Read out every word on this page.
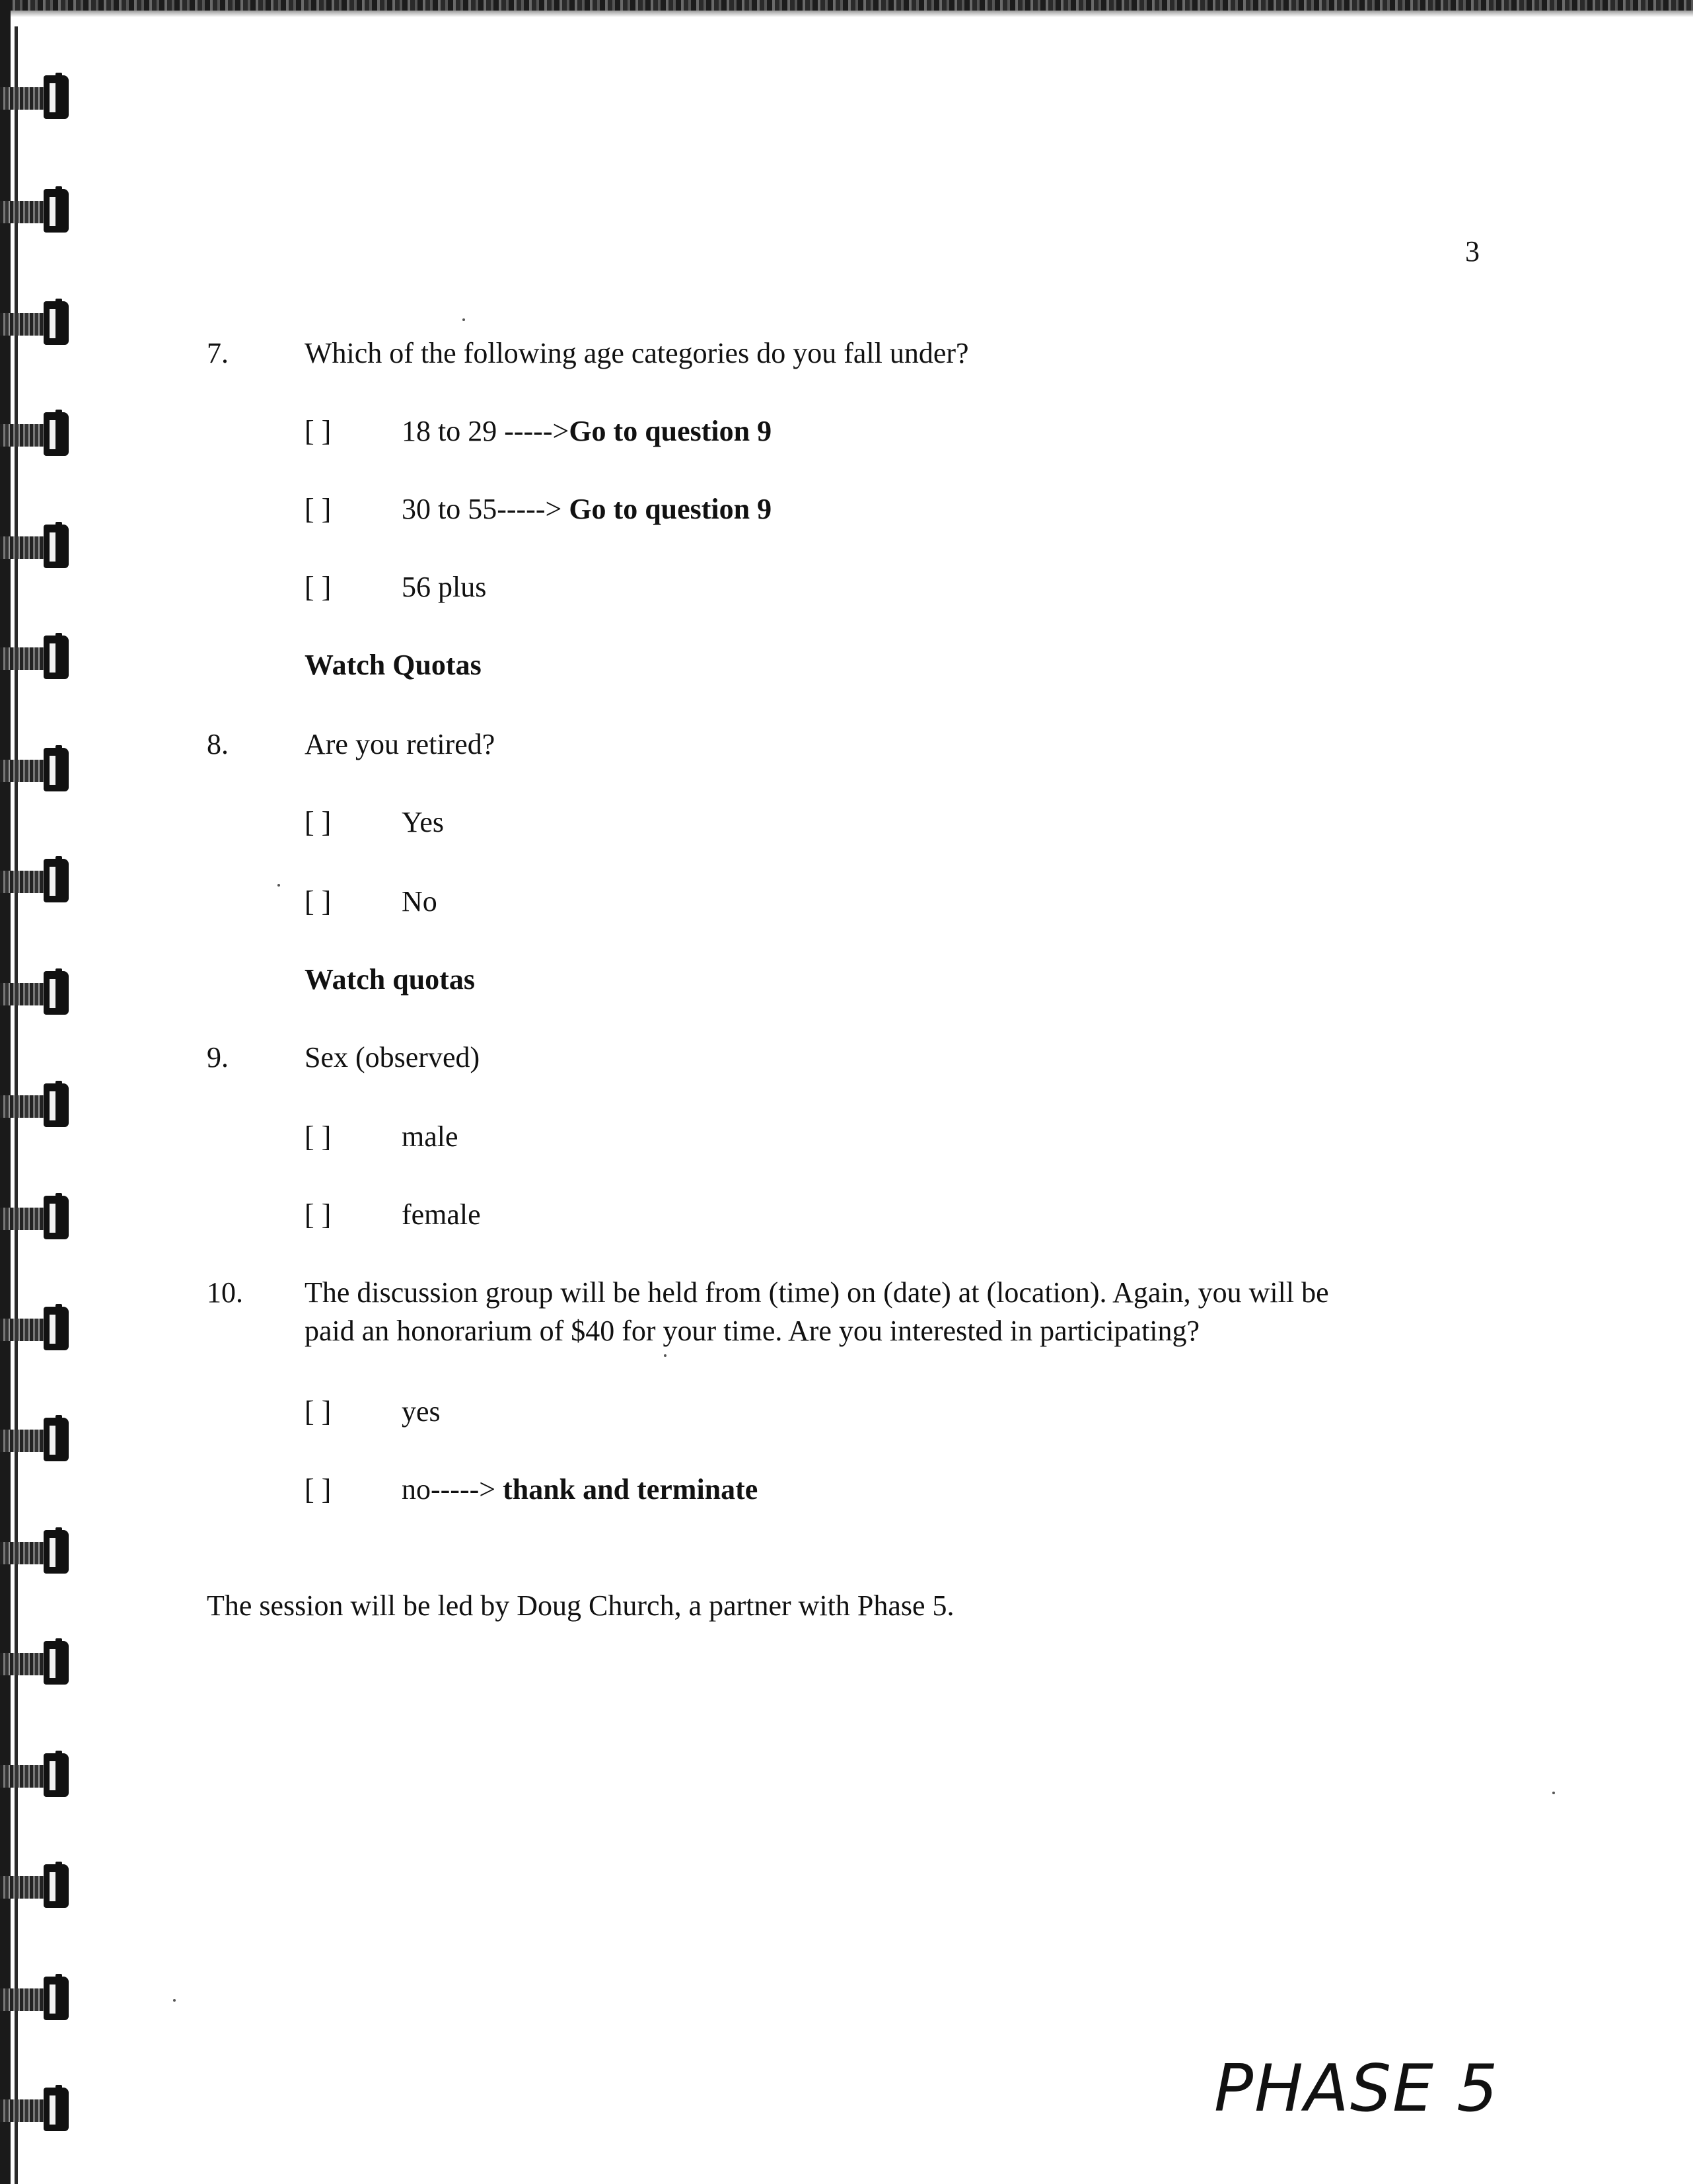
3
7.	Which of the following age categories do you fall under?
[ ] 18 to 29 ----->Go to question 9
[ ] 30 to 55-----> Go to question 9
[ ] 56 plus
Watch Quotas
8.	Are you retired?
[ ] Yes
[ ] No
Watch quotas
9.	Sex (observed)
[ ] male
[ ] female
10. The discussion group will be held from (time) on (date) at (location). Again, you will be
paid an honorarium of $40 for your time. Are you interested in participating?
[ ] yes
[ ] no-----> thank and terminate
The session will be led by Doug Church, a partner with Phase 5.
PHASE 5
